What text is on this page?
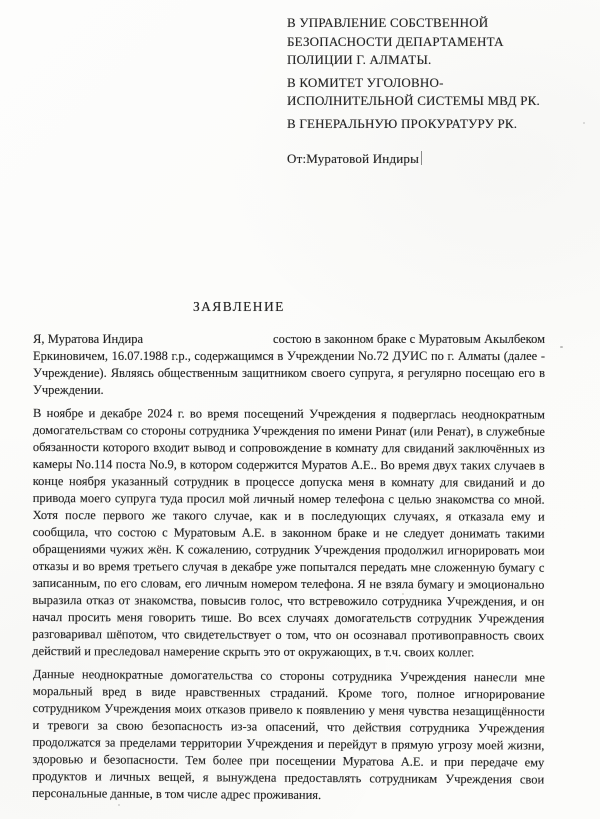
В УПРАВЛЕНИЕ СОБСТВЕННОЙ БЕЗОПАСНОСТИ ДЕПАРТАМЕНТА ПОЛИЦИИ Г. АЛМАТЫ.
В КОМИТЕТ УГОЛОВНО-ИСПОЛНИТЕЛЬНОЙ СИСТЕМЫ МВД РК.
В ГЕНЕРАЛЬНУЮ ПРОКУРАТУРУ РК.
От:Муратовой Индиры
ЗАЯВЛЕНИЕ

Я, Муратова Индира	состою в законном браке с Муратовым Акылбеком Еркиновичем, 16.07.1988 г.р., содержащимся в Учреждении No.72 ДУИС по г. Алматы (далее - Учреждение). Являясь общественным защитником своего супруга, я регулярно посещаю его в Учреждении.

В ноябре и декабре 2024 г. во время посещений Учреждения я подверглась неоднократным домогательствам со стороны сотрудника Учреждения по имени Ринат (или Ренат), в служебные обязанности которого входит вывод и сопровождение в комнату для свиданий заключённых из камеры No.114 поста No.9, в котором содержится Муратов А.Е.. Во время двух таких случаев в конце ноября указанный сотрудник в процессе допуска меня в комнату для свиданий и до привода моего супруга туда просил мой личный номер телефона с целью знакомства со мной. Хотя после первого же такого случае, как и в последующих случаях, я отказала ему и сообщила, что состою с Муратовым А.Е. в законном браке и не следует донимать такими обращениями чужих жён. К сожалению, сотрудник Учреждения продолжил игнорировать мои отказы и во время третьего случая в декабре уже попытался передать мне сложенную бумагу с записанным, по его словам, его личным номером телефона. Я не взяла бумагу и эмоционально выразила отказ от знакомства, повысив голос, что встревожило сотрудника Учреждения, и он начал просить меня говорить тише. Во всех случаях домогательств сотрудник Учреждения разговаривал шёпотом, что свидетельствует о том, что он осознавал противоправность своих действий и преследовал намерение скрыть это от окружающих, в т.ч. своих коллег.

Данные неоднократные домогательства со стороны сотрудника Учреждения нанесли мне моральный вред в виде нравственных страданий. Кроме того, полное игнорирование сотрудником Учреждения моих отказов привело к появлению у меня чувства незащищённости и тревоги за свою безопасность из-за опасений, что действия сотрудника Учреждения продолжатся за пределами территории Учреждения и перейдут в прямую угрозу моей жизни, здоровью и безопасности. Тем более при посещении Муратова А.Е. и при передаче ему продуктов и личных вещей, я вынуждена предоставлять сотрудникам Учреждения свои персональные данные, в том числе адрес проживания.
